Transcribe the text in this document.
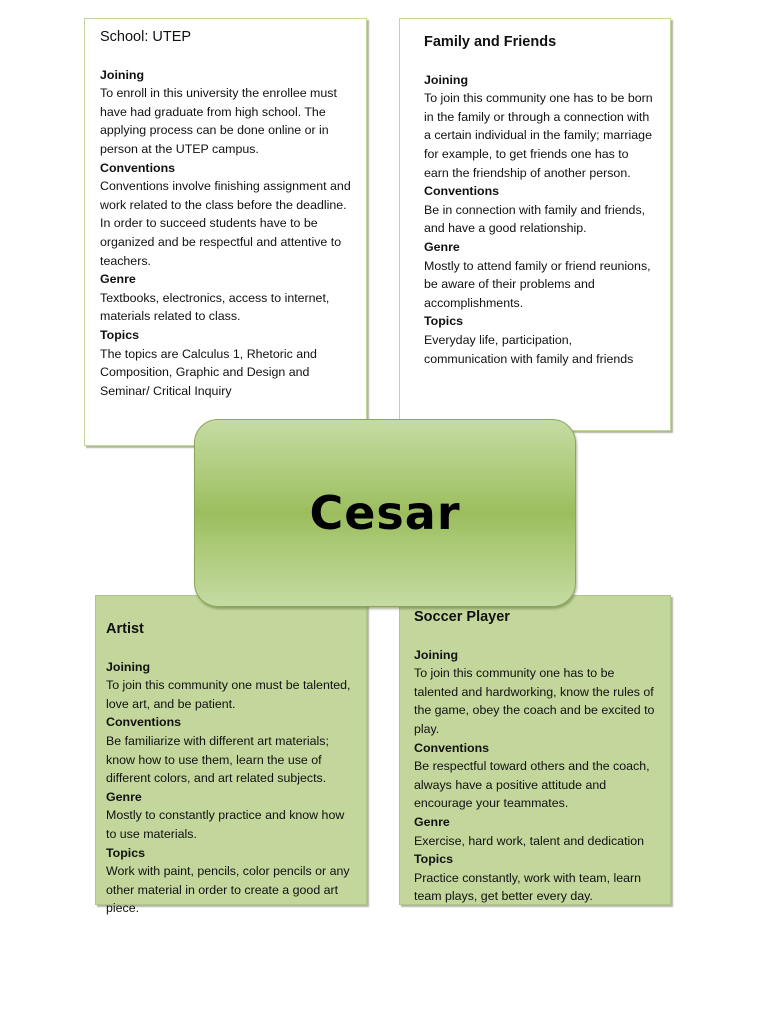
School: UTEP
Joining
To enroll in this university the enrollee must have had graduate from high school. The applying process can be done online or in person at the UTEP campus.
Conventions
Conventions involve finishing assignment and work related to the class before the deadline. In order to succeed students have to be organized and be respectful and attentive to teachers.
Genre
Textbooks, electronics, access to internet, materials related to class.
Topics
The topics are Calculus 1, Rhetoric and Composition, Graphic and Design and Seminar/ Critical Inquiry
Family and Friends
Joining
To join this community one has to be born in the family or through a connection with a certain individual in the family; marriage for example, to get friends one has to earn the friendship of another person.
Conventions
Be in connection with family and friends, and have a good relationship.
Genre
Mostly to attend family or friend reunions, be aware of their problems and accomplishments.
Topics
Everyday life, participation, communication with family and friends
Artist
Joining
To join this community one must be talented, love art, and be patient.
Conventions
Be familiarize with different art materials; know how to use them, learn the use of different colors, and art related subjects.
Genre
Mostly to constantly practice and know how to use materials.
Topics
Work with paint, pencils, color pencils or any other material in order to create a good art piece.
Soccer Player
Joining
To join this community one has to be talented and hardworking, know the rules of the game, obey the coach and be excited to play.
Conventions
Be respectful toward others and the coach, always have a positive attitude and encourage your teammates.
Genre
Exercise, hard work, talent and dedication
Topics
Practice constantly, work with team, learn team plays, get better every day.
Cesar
